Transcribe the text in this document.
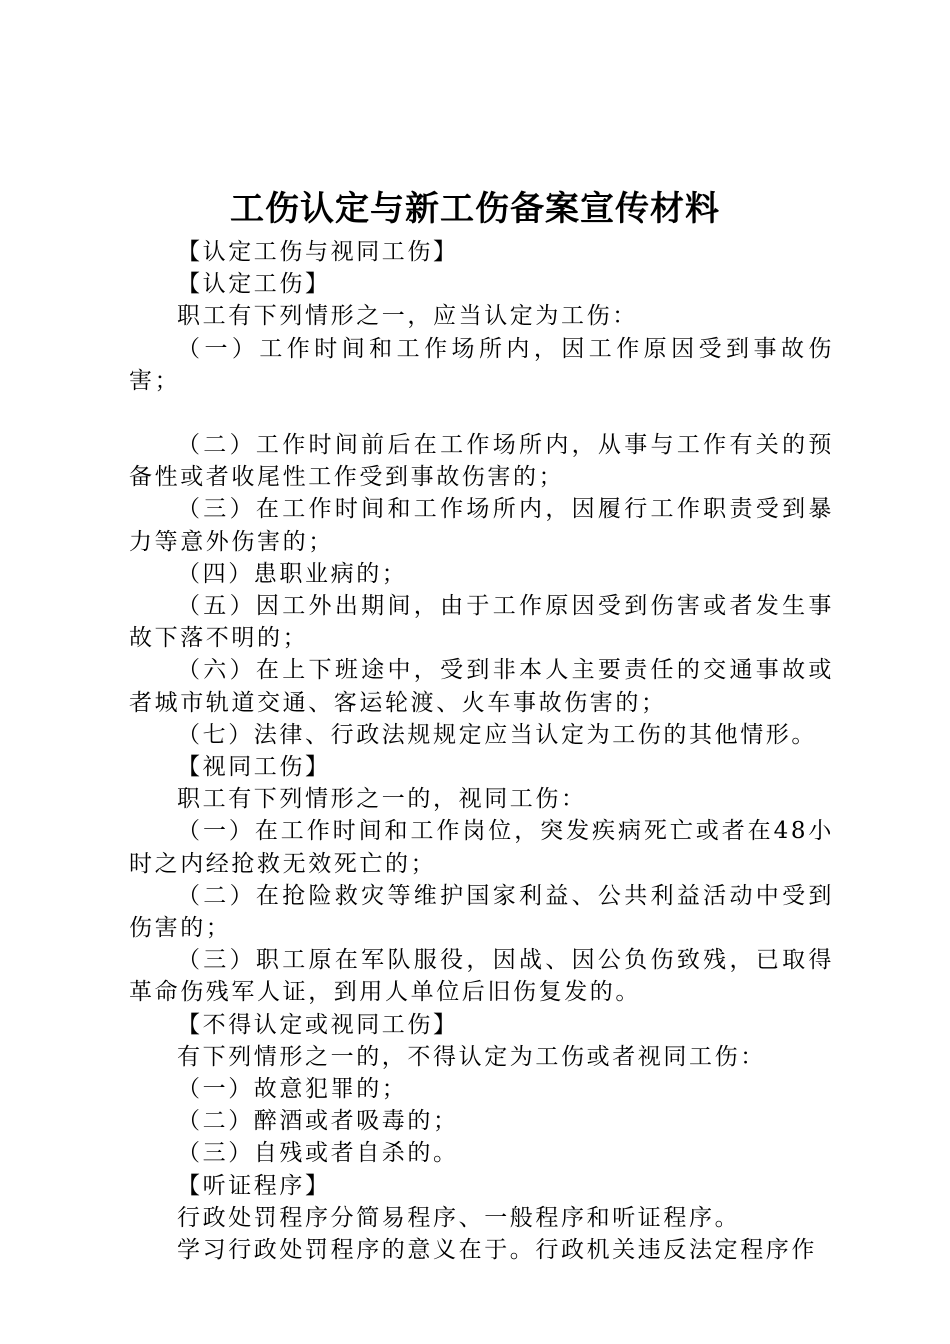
工伤认定与新工伤备案宣传材料

【认定工伤与视同工伤】

【认定工伤】

职工有下列情形之一，应当认定为工伤：

（一）工作时间和工作场所内，因工作原因受到事故伤害；

（二）工作时间前后在工作场所内，从事与工作有关的预备性或者收尾性工作受到事故伤害的；

（三）在工作时间和工作场所内，因履行工作职责受到暴力等意外伤害的；

（四）患职业病的；

（五）因工外出期间，由于工作原因受到伤害或者发生事故下落不明的；

（六）在上下班途中，受到非本人主要责任的交通事故或者城市轨道交通、客运轮渡、火车事故伤害的；

（七）法律、行政法规规定应当认定为工伤的其他情形。

【视同工伤】

职工有下列情形之一的，视同工伤：

（一）在工作时间和工作岗位，突发疾病死亡或者在48小时之内经抢救无效死亡的；

（二）在抢险救灾等维护国家利益、公共利益活动中受到伤害的；

（三）职工原在军队服役，因战、因公负伤致残，已取得革命伤残军人证，到用人单位后旧伤复发的。

【不得认定或视同工伤】

有下列情形之一的，不得认定为工伤或者视同工伤：

（一）故意犯罪的；

（二）醉酒或者吸毒的；

（三）自残或者自杀的。

【听证程序】

行政处罚程序分简易程序、一般程序和听证程序。

学习行政处罚程序的意义在于。行政机关违反法定程序作
